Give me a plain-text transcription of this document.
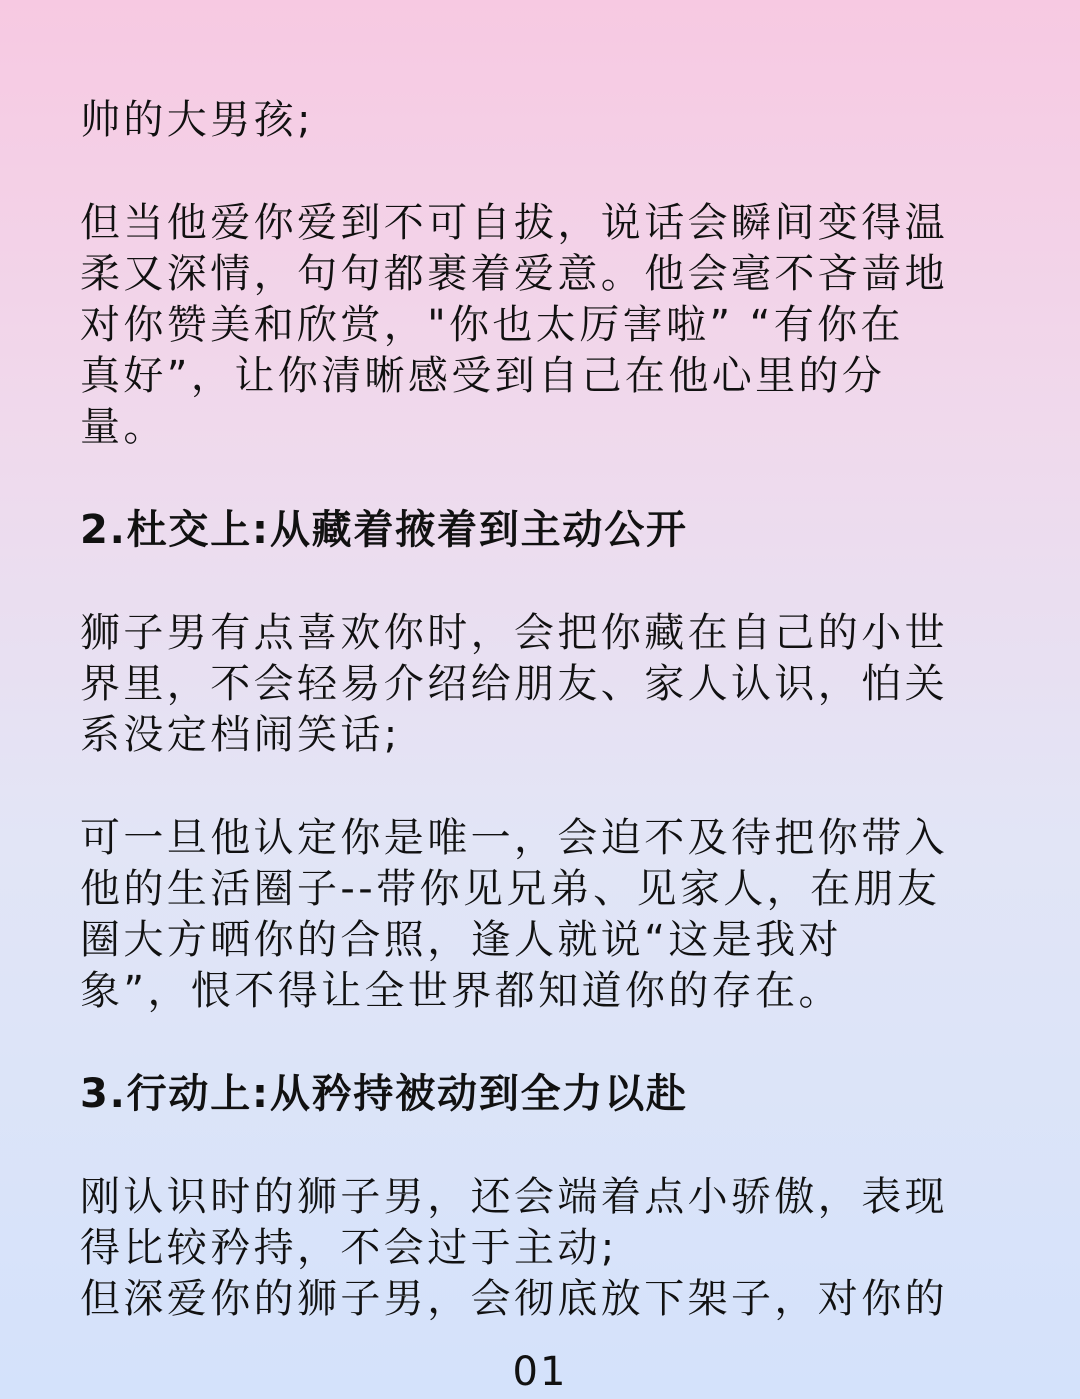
帅的大男孩;
但当他爱你爱到不可自拔，说话会瞬间变得温
柔又深情，句句都裹着爱意。他会毫不吝啬地
对你赞美和欣赏，"你也太厉害啦” “有你在
真好”，让你清晰感受到自己在他心里的分
量。
2.杜交上:从藏着掖着到主动公开
狮子男有点喜欢你时，会把你藏在自己的小世
界里，不会轻易介绍给朋友、家人认识，怕关
系没定档闹笑话;
可一旦他认定你是唯一，会迫不及待把你带入
他的生活圈子--带你见兄弟、见家人，在朋友
圈大方晒你的合照，逢人就说“这是我对
象”，恨不得让全世界都知道你的存在。
3.行动上:从矜持被动到全力以赴
刚认识时的狮子男，还会端着点小骄傲，表现
得比较矜持，不会过于主动;
但深爱你的狮子男，会彻底放下架子，对你的
01
